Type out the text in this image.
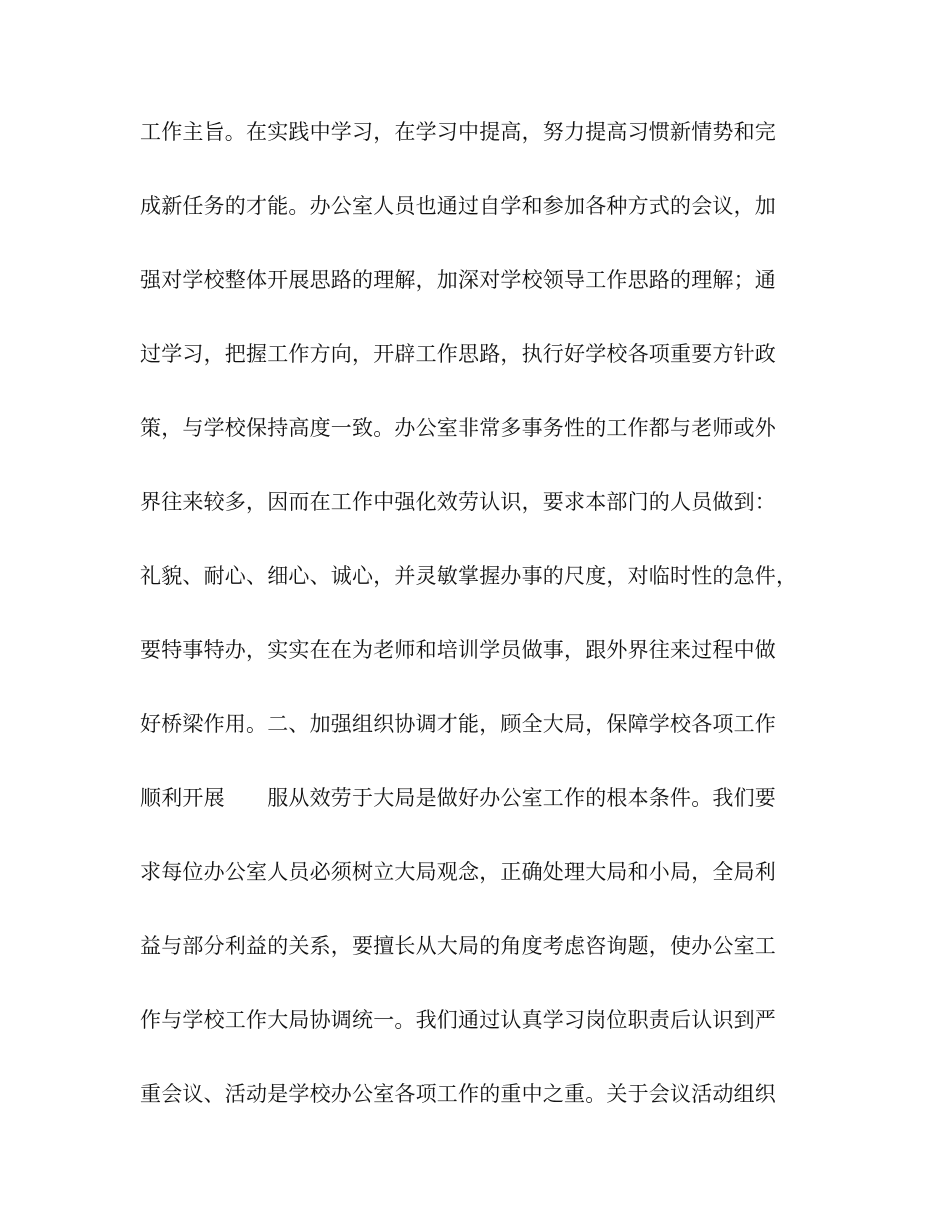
工作主旨。在实践中学习，在学习中提高，努力提高习惯新情势和完
成新任务的才能。办公室人员也通过自学和参加各种方式的会议，加
强对学校整体开展思路的理解，加深对学校领导工作思路的理解；通
过学习，把握工作方向，开辟工作思路，执行好学校各项重要方针政
策，与学校保持高度一致。办公室非常多事务性的工作都与老师或外
界往来较多，因而在工作中强化效劳认识，要求本部门的人员做到：
礼貌、耐心、细心、诚心，并灵敏掌握办事的尺度，对临时性的急件，
要特事特办，实实在在为老师和培训学员做事，跟外界往来过程中做
好桥梁作用。二、加强组织协调才能，顾全大局，保障学校各项工作
顺利开展　　服从效劳于大局是做好办公室工作的根本条件。我们要
求每位办公室人员必须树立大局观念，正确处理大局和小局，全局利
益与部分利益的关系，要擅长从大局的角度考虑咨询题，使办公室工
作与学校工作大局协调统一。我们通过认真学习岗位职责后认识到严
重会议、活动是学校办公室各项工作的重中之重。关于会议活动组织
